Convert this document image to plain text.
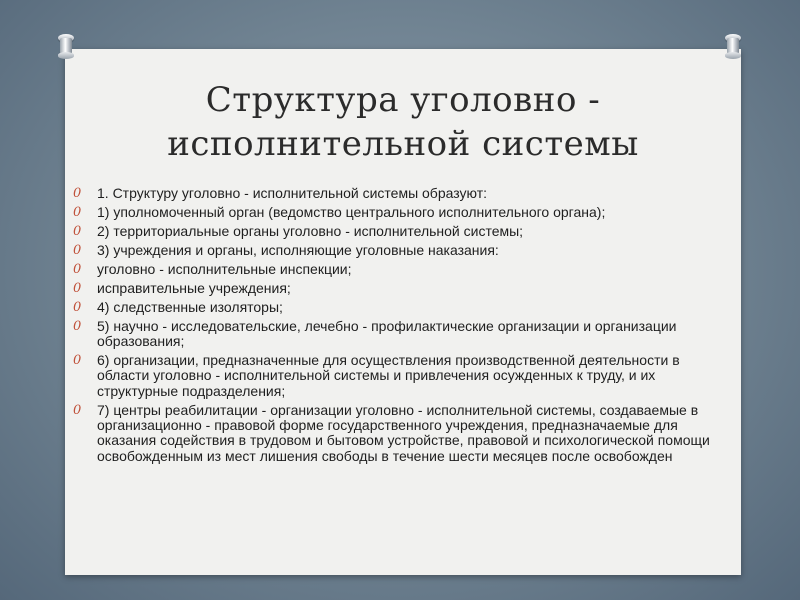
Структура уголовно -
исполнительной системы
0 1. Структуру уголовно - исполнительной системы образуют:
0 1) уполномоченный орган (ведомство центрального исполнительного органа);
0 2) территориальные органы уголовно - исполнительной системы;
0 3) учреждения и органы, исполняющие уголовные наказания:
0 уголовно - исполнительные инспекции;
0 исправительные учреждения;
0 4) следственные изоляторы;
0 5) научно - исследовательские, лечебно - профилактические организации и организации образования;
0 6) организации, предназначенные для осуществления производственной деятельности в области уголовно - исполнительной системы и привлечения осужденных к труду, и их структурные подразделения;
0 7) центры реабилитации - организации уголовно - исполнительной системы, создаваемые в организационно - правовой форме государственного учреждения, предназначаемые для оказания содействия в трудовом и бытовом устройстве, правовой и психологической помощи освобожденным из мест лишения свободы в течение шести месяцев после освобожден
